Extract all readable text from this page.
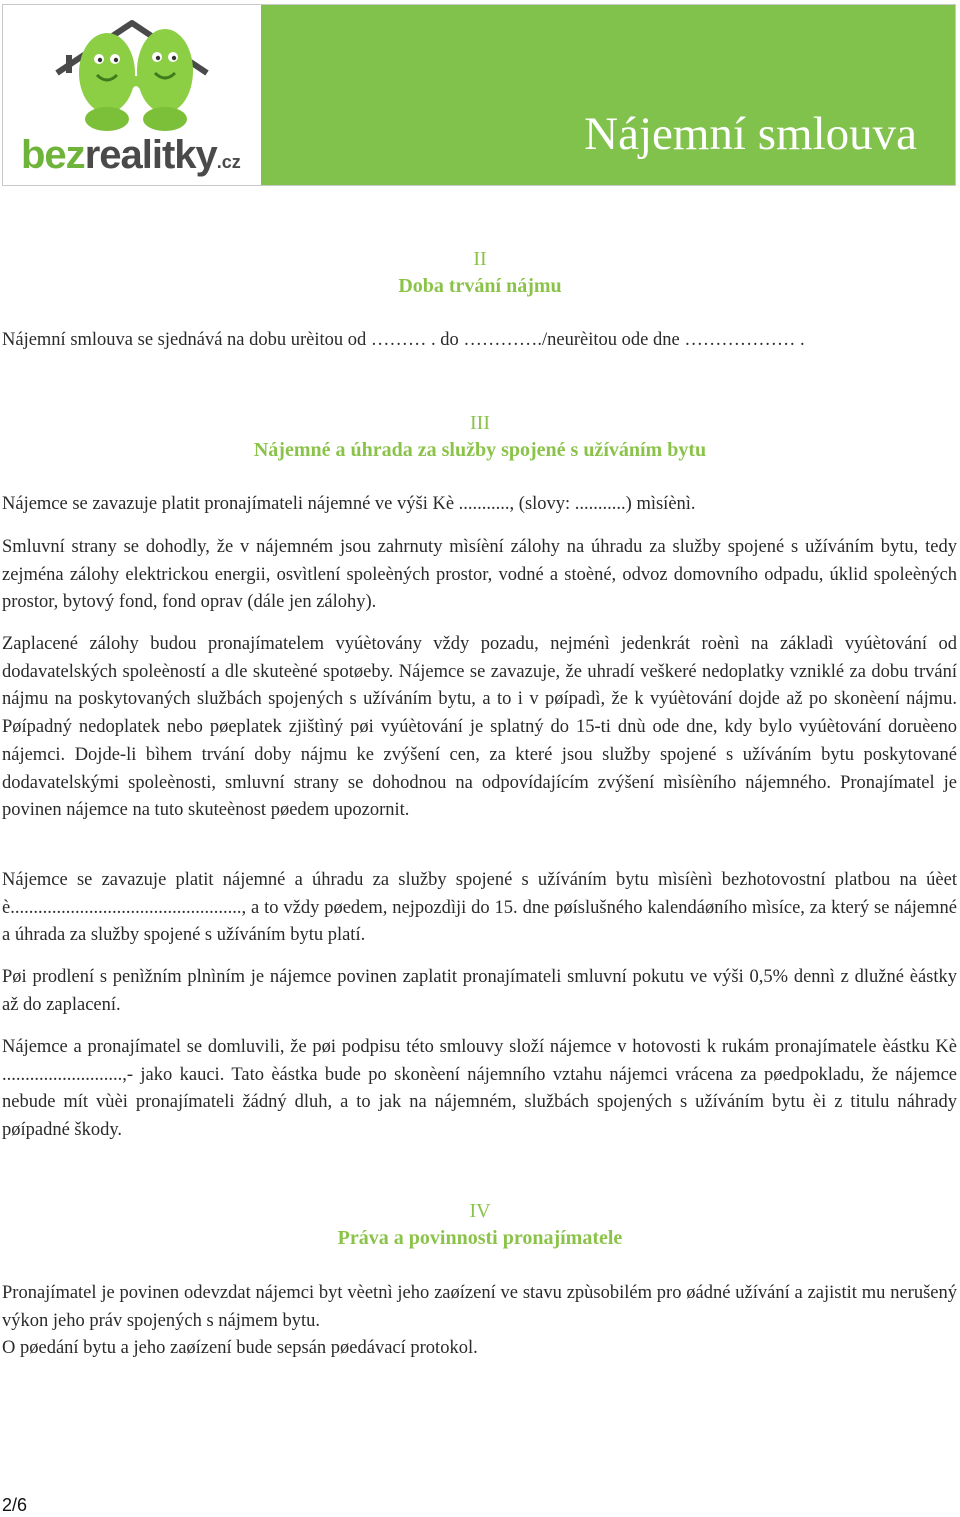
bezrealitky.cz
Nájemní smlouva
II
Doba trvání nájmu

Nájemní smlouva se sjednává na dobu urèitou od ……… . do …………./neurèitou ode dne ……………… .

III
Nájemné a úhrada za služby spojené s užíváním bytu

Nájemce se zavazuje platit pronajímateli nájemné ve výši Kè ..........., (slovy: ...........) mìsíènì.

Smluvní strany se dohodly, že v nájemném jsou zahrnuty mìsíèní zálohy na úhradu za služby spojené s užíváním bytu, tedy zejména zálohy elektrickou energii, osvìtlení spoleèných prostor, vodné a stoèné, odvoz domovního odpadu, úklid spoleèných prostor, bytový fond, fond oprav (dále jen zálohy).

Zaplacené zálohy budou pronajímatelem vyúètovány vždy pozadu, nejménì jedenkrát roènì na základì vyúètování od dodavatelských spoleèností a dle skuteèné spotøeby. Nájemce se zavazuje, že uhradí veškeré nedoplatky vzniklé za dobu trvání nájmu na poskytovaných službách spojených s užíváním bytu, a to i v pøípadì, že k vyúètování dojde až po skonèení nájmu. Pøípadný nedoplatek nebo pøeplatek zjištìný pøi vyúètování je splatný do 15-ti dnù ode dne, kdy bylo vyúètování doruèeno nájemci. Dojde-li bìhem trvání doby nájmu ke zvýšení cen, za které jsou služby spojené s užíváním bytu poskytované dodavatelskými spoleènosti, smluvní strany se dohodnou na odpovídajícím zvýšení mìsíèního nájemného. Pronajímatel je povinen nájemce na tuto skuteènost pøedem upozornit.

Nájemce se zavazuje platit nájemné a úhradu za služby spojené s užíváním bytu mìsíènì bezhotovostní platbou na úèet è.................................................., a to vždy pøedem, nejpozdìji do 15. dne pøíslušného kalendáøního mìsíce, za který se nájemné a úhrada za služby spojené s užíváním bytu platí.

Pøi prodlení s penìžním plnìním je nájemce povinen zaplatit pronajímateli smluvní pokutu ve výši 0,5% dennì z dlužné èástky až do zaplacení.

Nájemce a pronajímatel se domluvili, že pøi podpisu této smlouvy složí nájemce v hotovosti k rukám pronajímatele èástku Kè ..........................,- jako kauci. Tato èástka bude po skonèení nájemního vztahu nájemci vrácena za pøedpokladu, že nájemce nebude mít vùèi pronajímateli žádný dluh, a to jak na nájemném, službách spojených s užíváním bytu èi z titulu náhrady pøípadné škody.

IV
Práva a povinnosti pronajímatele

Pronajímatel je povinen odevzdat nájemci byt vèetnì jeho zaøízení ve stavu zpùsobilém pro øádné užívání a zajistit mu nerušený výkon jeho práv spojených s nájmem bytu.

O pøedání bytu a jeho zaøízení bude sepsán pøedávací protokol.

2/6
